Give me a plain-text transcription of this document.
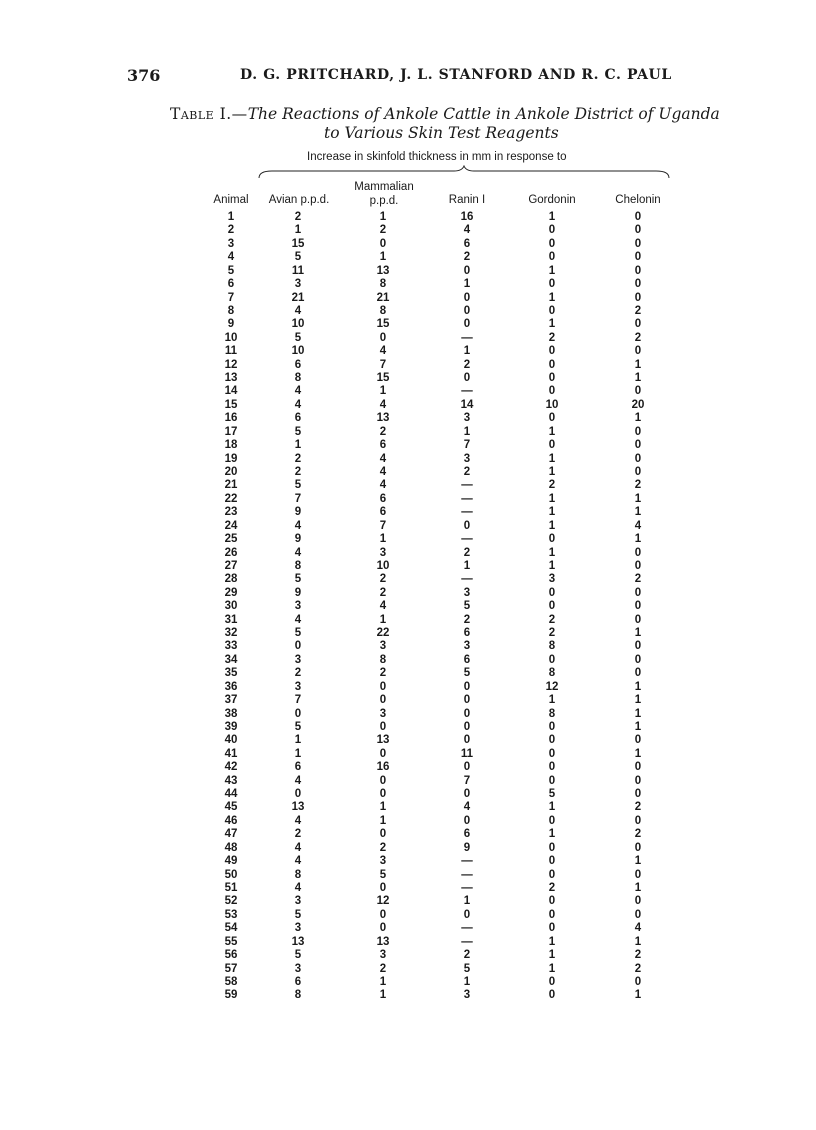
376	D. G. PRITCHARD, J. L. STANFORD AND R. C. PAUL
Table I.—The Reactions of Ankole Cattle in Ankole District of Uganda
to Various Skin Test Reagents
Increase in skinfold thickness in mm in response to
Animal	Avian p.p.d.
Mammalian
p.p.d.	Ranin I	Gordonin	Chelonin
1	2	1	16	1	0
2	1	2	4	0	0
3	15	0	6	0	0
4	5	1	2	0	0
5	11	13	0	1	0
6	3	8	1	0	0
7	21	21	0	1	0
8	4	8	0	0	2
9	10	15	0	1	0
10	5	0	—	2	2
11	10	4	1	0	0
12	6	7	2	0	1
13	8	15	0	0	1
14	4	1	—	0	0
15	4	4	14	10	20
16	6	13	3	0	1
17	5	2	1	1	0
18	1	6	7	0	0
19	2	4	3	1	0
20	2	4	2	1	0
21	5	4	—	2	2
22	7	6	—	1	1
23	9	6	—	1	1
24	4	7	0	1	4
25	9	1	—	0	1
26	4	3	2	1	0
27	8	10	1	1	0
28	5	2	—	3	2
29	9	2	3	0	0
30	3	4	5	0	0
31	4	1	2	2	0
32	5	22	6	2	1
33	0	3	3	8	0
34	3	8	6	0	0
35	2	2	5	8	0
36	3	0	0	12	1
37	7	0	0	1	1
38	0	3	0	8	1
39	5	0	0	0	1
40	1	13	0	0	0
41	1	0	11	0	1
42	6	16	0	0	0
43	4	0	7	0	0
44	0	0	0	5	0
45	13	1	4	1	2
46	4	1	0	0	0
47	2	0	6	1	2
48	4	2	9	0	0
49	4	3	—	0	1
50	8	5	—	0	0
51	4	0	—	2	1
52	3	12	1	0	0
53	5	0	0	0	0
54	3	0	—	0	4
55	13	13	—	1	1
56	5	3	2	1	2
57	3	2	5	1	2
58	6	1	1	0	0
59	8	1	3	0	1
